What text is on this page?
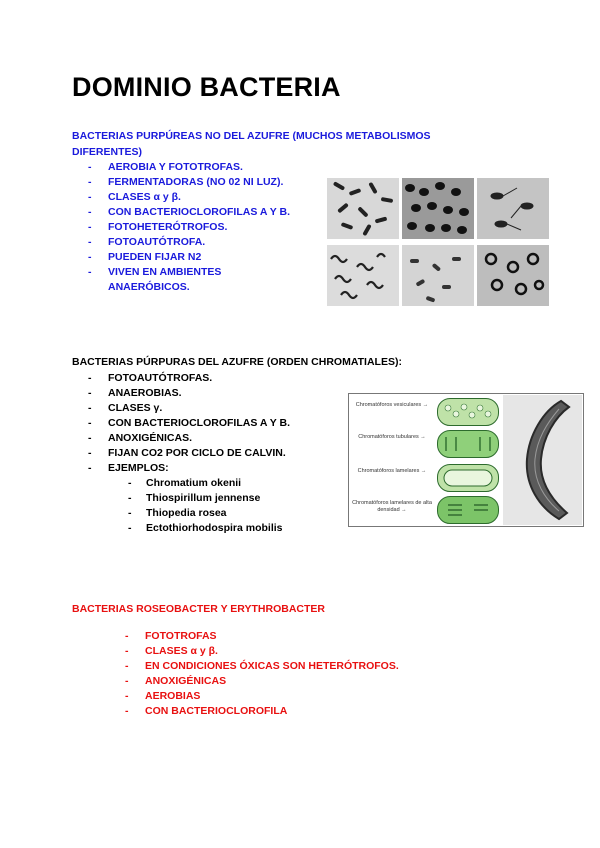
DOMINIO BACTERIA
BACTERIAS PURPÚREAS NO DEL AZUFRE (MUCHOS METABOLISMOS
DIFERENTES)
- AEROBIA Y FOTOTROFAS.
- FERMENTADORAS (NO 02 NI LUZ).
- CLASES α y β.
- CON BACTERIOCLOROFILAS A Y B.
- FOTOHETERÓTROFOS.
- FOTOAUTÓTROFA.
- PUEDEN FIJAR N2
- VIVEN EN AMBIENTES
ANAERÓBICOS.
BACTERIAS PÚRPURAS DEL AZUFRE (ORDEN CHROMATIALES):
- FOTOAUTÓTROFAS.
- ANAEROBIAS.
- CLASES γ.
- CON BACTERIOCLOROFILAS A Y B.
- ANOXIGÉNICAS.
- FIJAN CO2 POR CICLO DE CALVIN.
- EJEMPLOS:
- Chromatium okenii
- Thiospirillum jennense
- Thiopedia rosea
- Ectothiorhodospira mobilis
Chromatóforos vesiculares →
Chromatóforos tubulares →
Chromatóforos lamelares →
Chromatóforos lamelares de alta densidad →
BACTERIAS ROSEOBACTER Y ERYTHROBACTER
- FOTOTROFAS
- CLASES α y β.
- EN CONDICIONES ÓXICAS SON HETERÓTROFOS.
- ANOXIGÉNICAS
- AEROBIAS
- CON BACTERIOCLOROFILA
